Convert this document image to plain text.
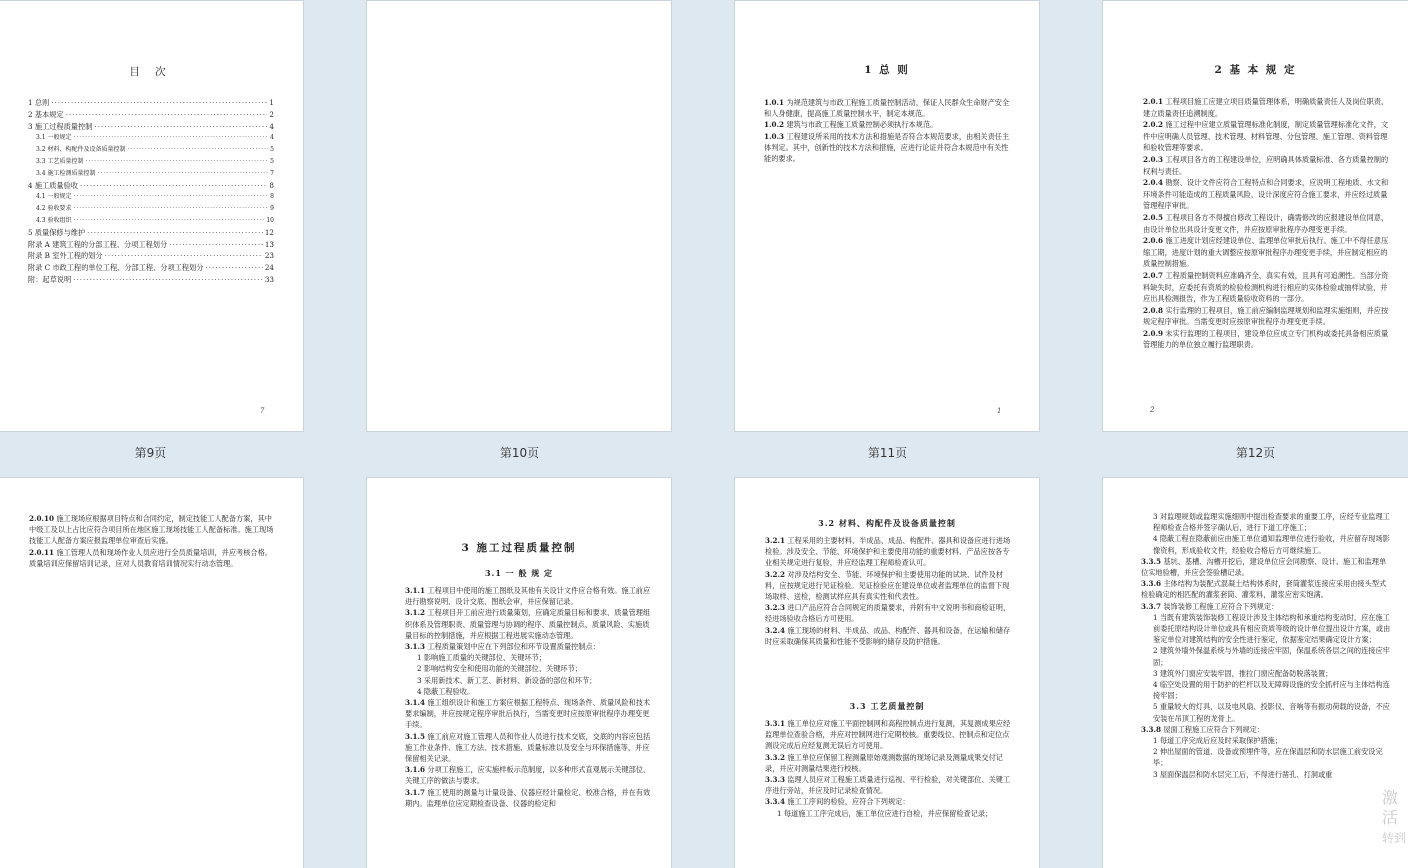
目 次
1 总则 ·····	1
2 基本规定 ·····	2
3 施工过程质量控制 ·····	4
3.1 一般规定 ·····	4
3.2 材料、构配件及设备质量控制 ·····	5
3.3 工艺质量控制 ·····	5
3.4 施工检测质量控制 ·····	7
4 施工质量验收 ·····	8
4.1 一般规定 ·····	8
4.2 验收要求 ·····	9
4.3 验收组织 ·····	10
5 质量保修与维护 ·····	12
附录 A 建筑工程的分部工程、分项工程划分 ·····	13
附录 B 室外工程的划分 ·····	23
附录 C 市政工程的单位工程、分部工程、分项工程划分 ·····	24
附：起草说明 ·····	33
7
第9页	第10页
1 总 则
1.0.1 为规范建筑与市政工程施工质量控制活动，保证人民群众生命财产安全和人身健康，提高施工质量控制水平，制定本规范。
1.0.2 建筑与市政工程施工质量控制必须执行本规范。
1.0.3 工程建设所采用的技术方法和措施是否符合本规范要求，由相关责任主体判定。其中，创新性的技术方法和措施，应进行论证并符合本规范中有关性能的要求。
1
第11页
2 基 本 规 定
2.0.1 工程项目施工应建立项目质量管理体系，明确质量责任人及岗位职责，建立质量责任追溯制度。
2.0.2 施工过程中应建立质量管理标准化制度，制定质量管理标准化文件，文件中应明确人员管理、技术管理、材料管理、分包管理、施工管理、资料管理和验收管理等要求。
2.0.3 工程项目各方的工程建设单位，应明确具体质量标准、各方质量控制的权利与责任。
2.0.4 勘察、设计文件应符合工程特点和合同要求，应说明工程地质、水文和环境条件可能造成的工程质量风险，设计深度应符合施工要求，并应经过质量管理程序审批。
2.0.5 工程项目各方不得擅自修改工程设计，确需修改的应报建设单位同意，由设计单位出具设计变更文件，并应按原审批程序办理变更手续。
2.0.6 施工进度计划应经建设单位、监理单位审批后执行。施工中不得任意压缩工期，进度计划的重大调整应按原审批程序办理变更手续，并应制定相应的质量控制措施。
2.0.7 工程质量控制资料应准确齐全、真实有效，且具有可追溯性。当部分资料缺失时，应委托有资质的检验检测机构进行相应的实体检验或抽样试验，并应出具检测报告，作为工程质量验收资料的一部分。
2.0.8 实行监理的工程项目，施工前应编制监理规划和监理实施细则，并应按规定程序审批。当需变更时应按原审批程序办理变更手续。
2.0.9 未实行监理的工程项目，建设单位应成立专门机构或委托具备相应质量管理能力的单位独立履行监理职责。
2
第12页
2.0.10 施工现场应根据项目特点和合同约定，制定技能工人配备方案，其中中级工及以上占比应符合项目所在地区施工现场技能工人配备标准。施工现场技能工人配备方案应报监理单位审查后实施。
2.0.11 施工管理人员和现场作业人员应进行全员质量培训，并应考核合格。质量培训应保留培训记录，应对人员教育培训情况实行动态管理。
3 施工过程质量控制
3.1 一 般 规 定
3.1.1 工程项目中使用的施工图纸及其他有关设计文件应合格有效。施工前应进行勘察说明、设计交底、图纸会审，并应保留记录。
3.1.2 工程项目开工前应进行质量策划，应确定质量目标和要求、质量管理组织体系及管理职责、质量管理与协调的程序、质量控制点、质量风险、实施质量目标的控制措施，并应根据工程进展实施动态管理。
3.1.3 工程质量策划中应在下列部位和环节设置质量控制点：
1 影响施工质量的关键部位、关键环节；
2 影响结构安全和使用功能的关键部位、关键环节；
3 采用新技术、新工艺、新材料、新设备的部位和环节；
4 隐蔽工程验收。
3.1.4 施工组织设计和施工方案应根据工程特点、现场条件、质量风险和技术要求编制，并应按规定程序审批后执行，当需变更时应按原审批程序办理变更手续。
3.1.5 施工前应对施工管理人员和作业人员进行技术交底，交底的内容应包括施工作业条件、施工方法、技术措施、质量标准以及安全与环保措施等，并应保留相关记录。
3.1.6 分项工程施工，应实施样板示范制度，以多种形式直观展示关键部位、关键工序的做法与要求。
3.1.7 施工使用的测量与计量设备、仪器应经计量检定、校准合格，并在有效期内。监理单位应定期检查设备、仪器的检定和
3.2 材料、构配件及设备质量控制
3.2.1 工程采用的主要材料、半成品、成品、构配件、器具和设备应进行进场检验。涉及安全、节能、环境保护和主要使用功能的重要材料、产品应按各专业相关规定进行复验，并应经监理工程师检查认可。
3.2.2 对涉及结构安全、节能、环境保护和主要使用功能的试块、试件及材料，应按规定进行见证检验。见证检验应在建设单位或者监理单位的监督下现场取样、送检，检测试样应具有真实性和代表性。
3.2.3 进口产品应符合合同规定的质量要求，并附有中文说明书和商检证明，经进场验收合格后方可使用。
3.2.4 施工现场的材料、半成品、成品、构配件、器具和设备，在运输和储存时应采取确保其质量和性能不受影响的储存及防护措施。
3.3 工艺质量控制
3.3.1 施工单位应对施工平面控制网和高程控制点进行复测，其复测成果应经监理单位查验合格，并应对控制网进行定期校核。重要线位、控制点和定位点测设完成后应经复测无误后方可使用。
3.3.2 施工单位应保留工程测量原始观测数据的现场记录及测量成果交付记录，并应对测量结果进行校核。
3.3.3 监理人员应对工程施工质量进行巡视、平行检验，对关键部位、关键工序进行旁站，并应及时记录检查情况。
3.3.4 施工工序间的检验，应符合下列规定：
1 每道施工工序完成后，施工单位应进行自检，并应保留检查记录；
3 对监理规划或监理实施细则中提出检查要求的重要工序，应经专业监理工程师检查合格并签字确认后，进行下道工序施工；
4 隐蔽工程在隐蔽前应由施工单位通知监理单位进行验收，并应留存现场影像资料，形成验收文件，经验收合格后方可继续施工。
3.3.5 基坑、基槽、沟槽开挖后，建设单位应会同勘察、设计、施工和监理单位实地验槽，并应会签验槽记录。
3.3.6 主体结构为装配式混凝土结构体系时，套筒灌浆连接应采用由接头型式检验确定的相匹配的灌浆套筒、灌浆料，灌浆应密实饱满。
3.3.7 装饰装修工程施工应符合下列规定：
1 当既有建筑装饰装修工程设计涉及主体结构和承重结构变动时，应在施工前委托原结构设计单位或具有相应资质等级的设计单位提出设计方案，或由鉴定单位对建筑结构的安全性进行鉴定，依据鉴定结果确定设计方案；
2 建筑外墙外保温系统与外墙的连接应牢固，保温系统各层之间的连接应牢固；
3 建筑外门窗应安装牢固，推拉门窗应配备防脱落装置；
4 临空处设置的用于防护的栏杆以及无障碍设施的安全抓杆应与主体结构连接牢固；
5 重量较大的灯具，以及电风扇、投影仪、音响等有振动荷载的设备，不应安装在吊顶工程的龙骨上。
3.3.8 屋面工程施工应符合下列规定：
1 每道工序完成后应及时采取保护措施；
2 伸出屋面的管道、设备或预埋件等，应在保温层和防水层施工前安设完毕；
3 屋面保温层和防水层完工后，不得进行凿孔、打洞或重
激活
转到
